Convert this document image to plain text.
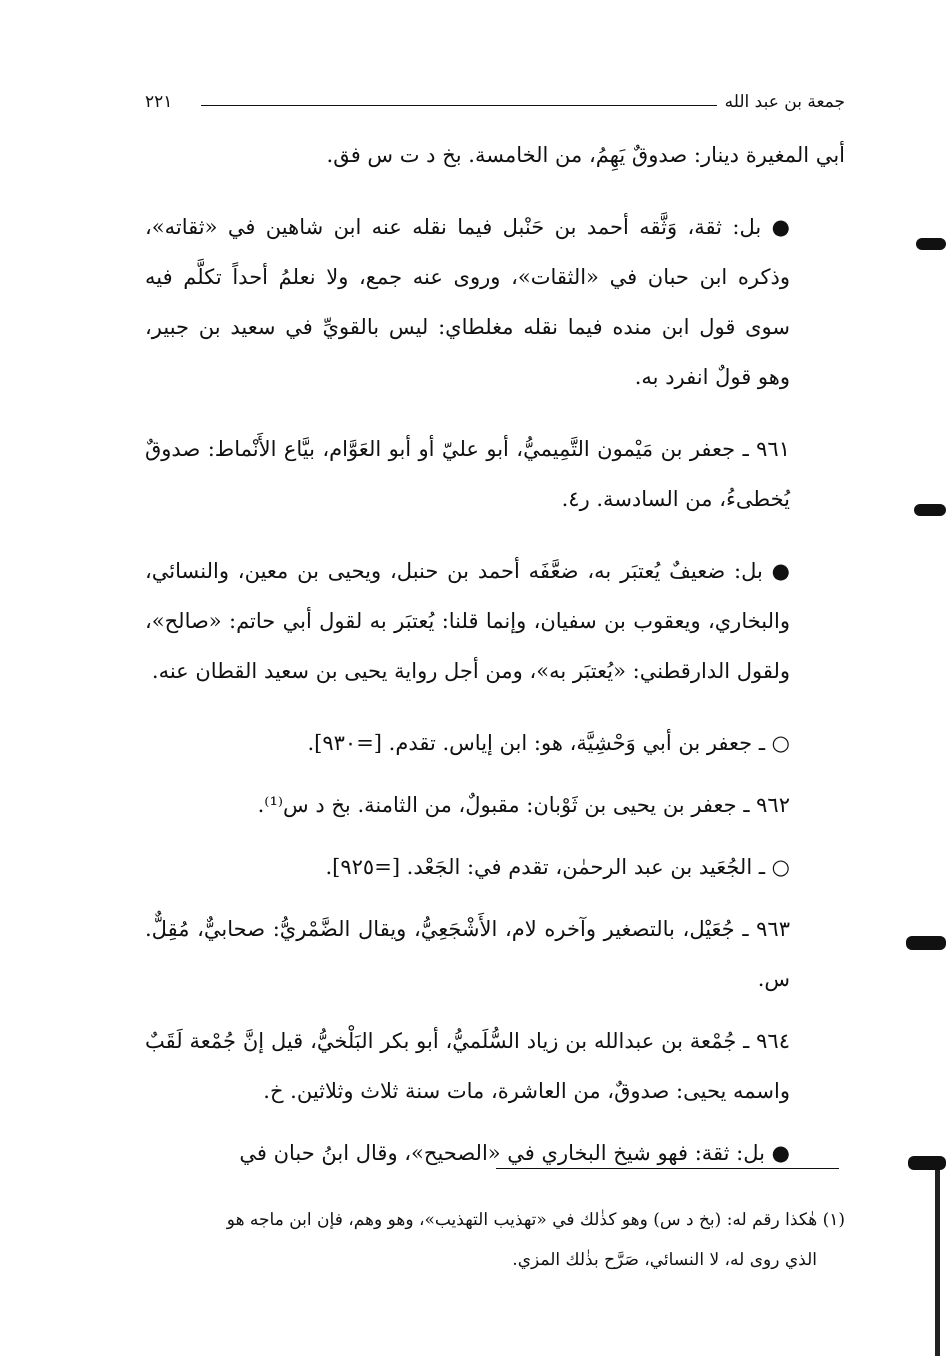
جمعة بن عبد الله
٢٢١

أبي المغيرة دينار: صدوقٌ يَهِمُ، من الخامسة. بخ د ت س فق.

● بل: ثقة، وَثَّقه أحمد بن حَنْبل فيما نقله عنه ابن شاهين في «ثقاته»، وذكره ابن حبان في «الثقات»، وروى عنه جمع، ولا نعلمُ أحداً تكلَّم فيه سوى قول ابن منده فيما نقله مغلطاي: ليس بالقويِّ في سعيد بن جبير، وهو قولٌ انفرد به.

٩٦١ ـ جعفر بن مَيْمون التَّمِيميُّ، أبو عليّ أو أبو العَوَّام، بيَّاع الأَنْماط: صدوقٌ يُخطىءُ، من السادسة. ر٤.

● بل: ضعيفٌ يُعتبَر به، ضعَّفَه أحمد بن حنبل، ويحيى بن معين، والنسائي، والبخاري، ويعقوب بن سفيان، وإنما قلنا: يُعتبَر به لقول أبي حاتم: «صالح»، ولقول الدارقطني: «يُعتبَر به»، ومن أجل رواية يحيى بن سعيد القطان عنه.

○ ـ جعفر بن أبي وَحْشِيَّة، هو: ابن إياس. تقدم. [=٩٣٠].

٩٦٢ ـ جعفر بن يحيى بن ثَوْبان: مقبولٌ، من الثامنة. بخ د س⁽¹⁾.

○ ـ الجُعَيد بن عبد الرحمٰن، تقدم في: الجَعْد. [=٩٢٥].

٩٦٣ ـ جُعَيْل، بالتصغير وآخره لام، الأَشْجَعِيُّ، ويقال الضَّمْريُّ: صحابيٌّ، مُقِلٌّ. س.

٩٦٤ ـ جُمْعة بن عبدالله بن زياد السُّلَميُّ، أبو بكر البَلْخيُّ، قيل إنَّ جُمْعة لَقَبٌ واسمه يحيى: صدوقٌ، من العاشرة، مات سنة ثلاث وثلاثين. خ.

● بل: ثقة: فهو شيخ البخاري في «الصحيح»، وقال ابنُ حبان في

(١) هٰكذا رقم له: (بخ د س) وهو كذٰلك في «تهذيب التهذيب»، وهو وهم، فإن ابن ماجه هو

الذي روى له، لا النسائي، صَرَّح بذٰلك المزي.
